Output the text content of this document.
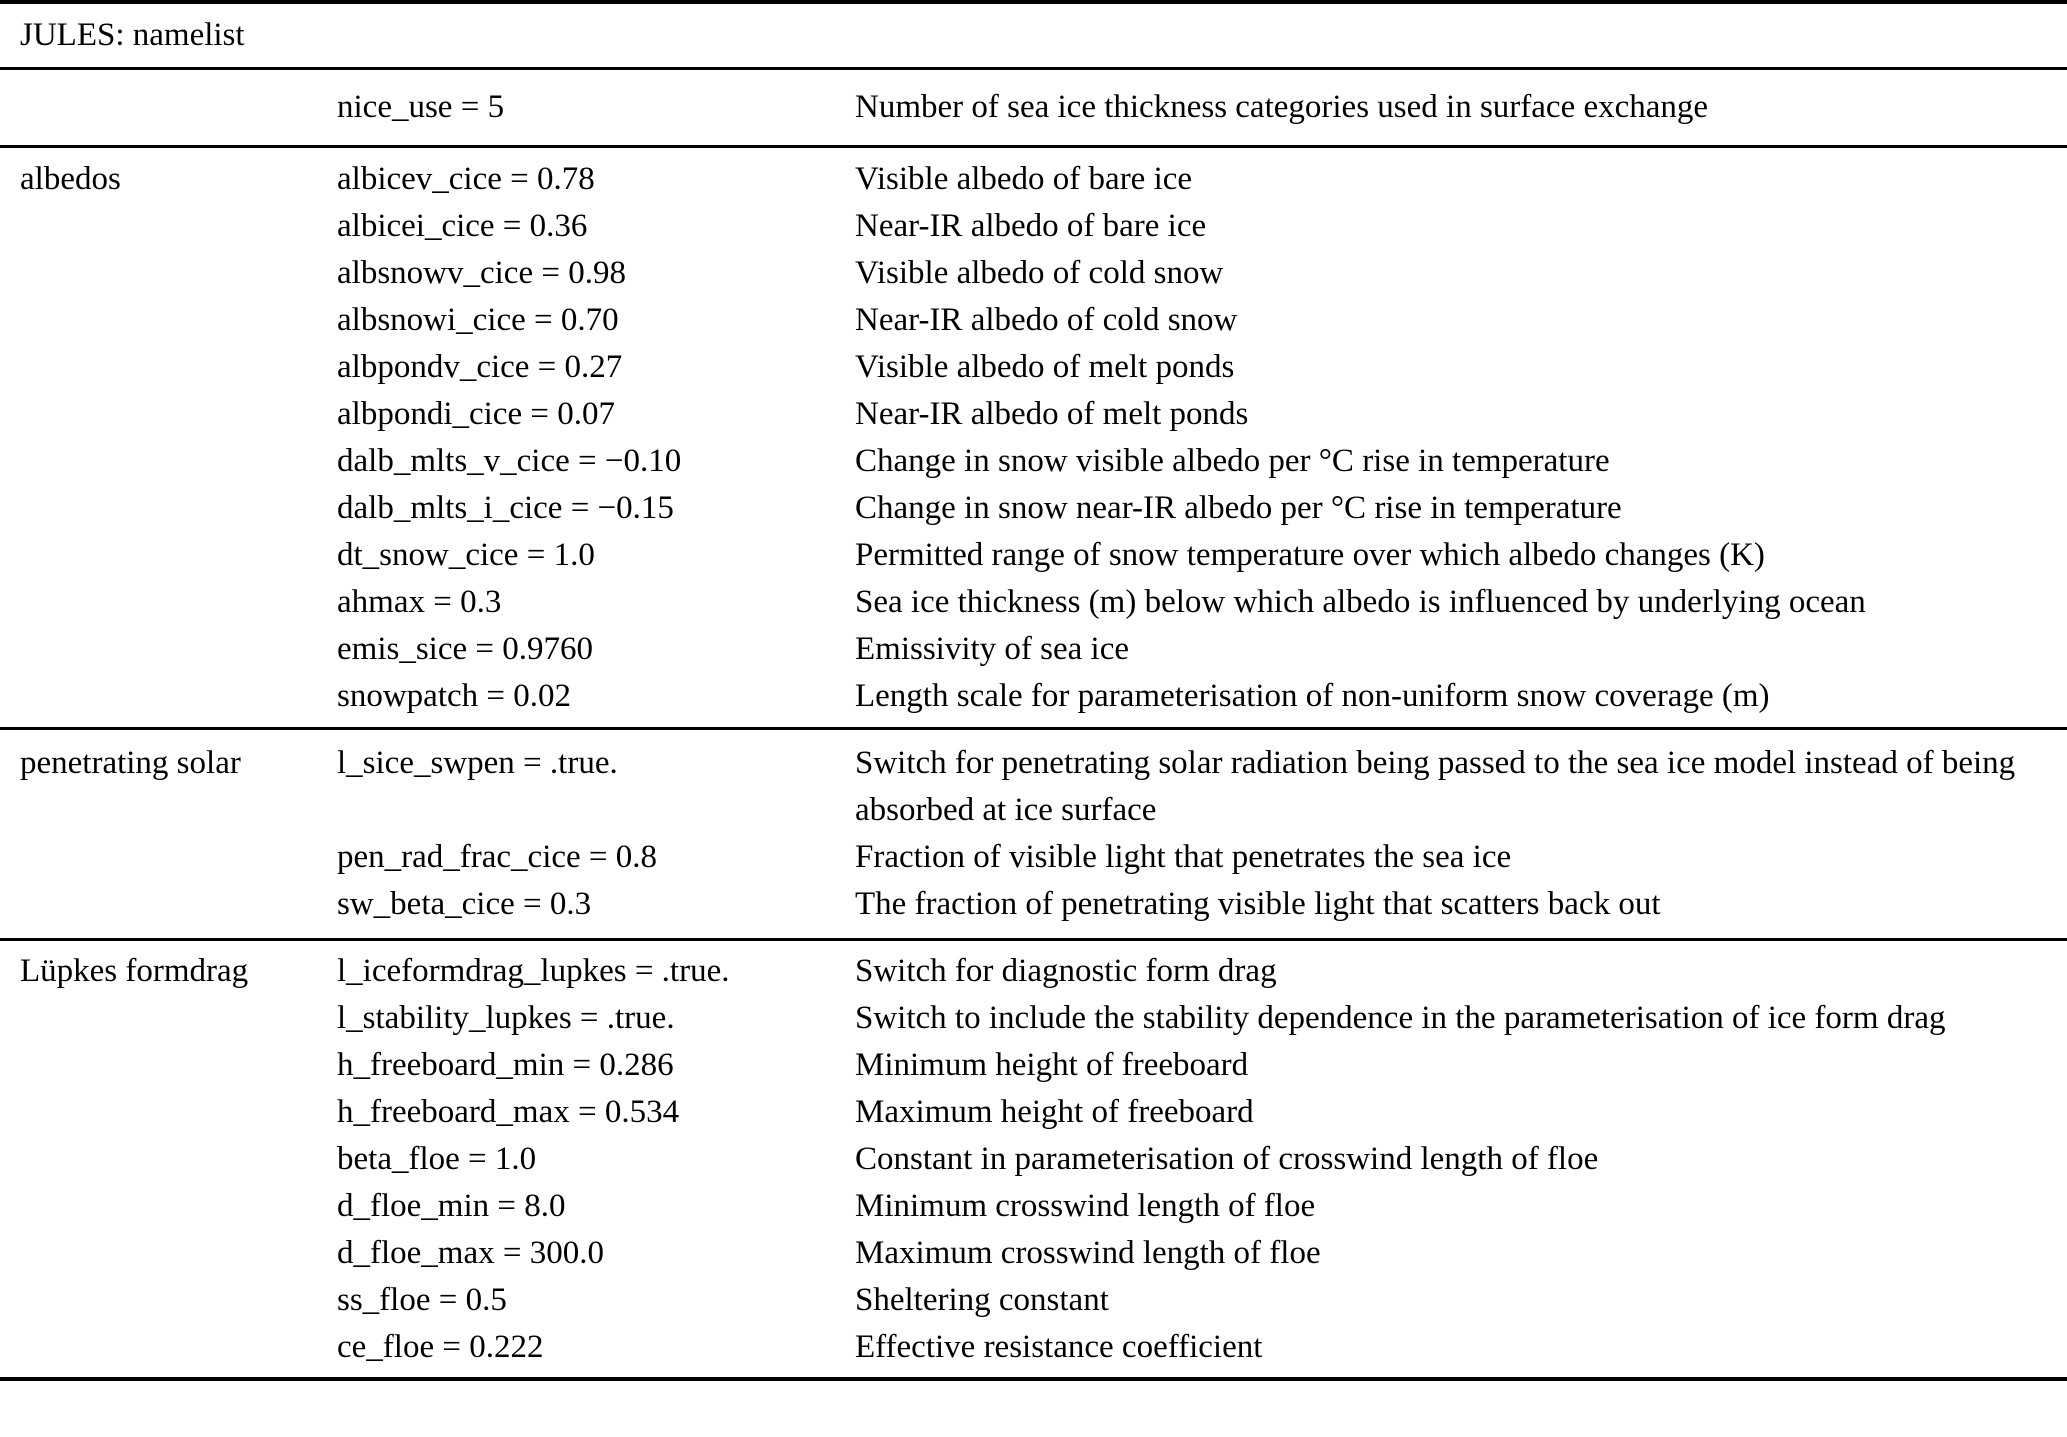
JULES: namelist		
	nice_use = 5	Number of sea ice thickness categories used in surface exchange
albedos	albicev_cice = 0.78	Visible albedo of bare ice
	albicei_cice = 0.36	Near-IR albedo of bare ice
	albsnowv_cice = 0.98	Visible albedo of cold snow
	albsnowi_cice = 0.70	Near-IR albedo of cold snow
	albpondv_cice = 0.27	Visible albedo of melt ponds
	albpondi_cice = 0.07	Near-IR albedo of melt ponds
	dalb_mlts_v_cice = −0.10	Change in snow visible albedo per °C rise in temperature
	dalb_mlts_i_cice = −0.15	Change in snow near-IR albedo per °C rise in temperature
	dt_snow_cice = 1.0	Permitted range of snow temperature over which albedo changes (K)
	ahmax = 0.3	Sea ice thickness (m) below which albedo is influenced by underlying ocean
	emis_sice = 0.9760	Emissivity of sea ice
	snowpatch = 0.02	Length scale for parameterisation of non-uniform snow coverage (m)
penetrating solar	l_sice_swpen = .true.	Switch for penetrating solar radiation being passed to the sea ice model instead of being absorbed at ice surface
	pen_rad_frac_cice = 0.8	Fraction of visible light that penetrates the sea ice
	sw_beta_cice = 0.3	The fraction of penetrating visible light that scatters back out
Lüpkes formdrag	l_iceformdrag_lupkes = .true.	Switch for diagnostic form drag
	l_stability_lupkes = .true.	Switch to include the stability dependence in the parameterisation of ice form drag
	h_freeboard_min = 0.286	Minimum height of freeboard
	h_freeboard_max = 0.534	Maximum height of freeboard
	beta_floe = 1.0	Constant in parameterisation of crosswind length of floe
	d_floe_min = 8.0	Minimum crosswind length of floe
	d_floe_max = 300.0	Maximum crosswind length of floe
	ss_floe = 0.5	Sheltering constant
	ce_floe = 0.222	Effective resistance coefficient
